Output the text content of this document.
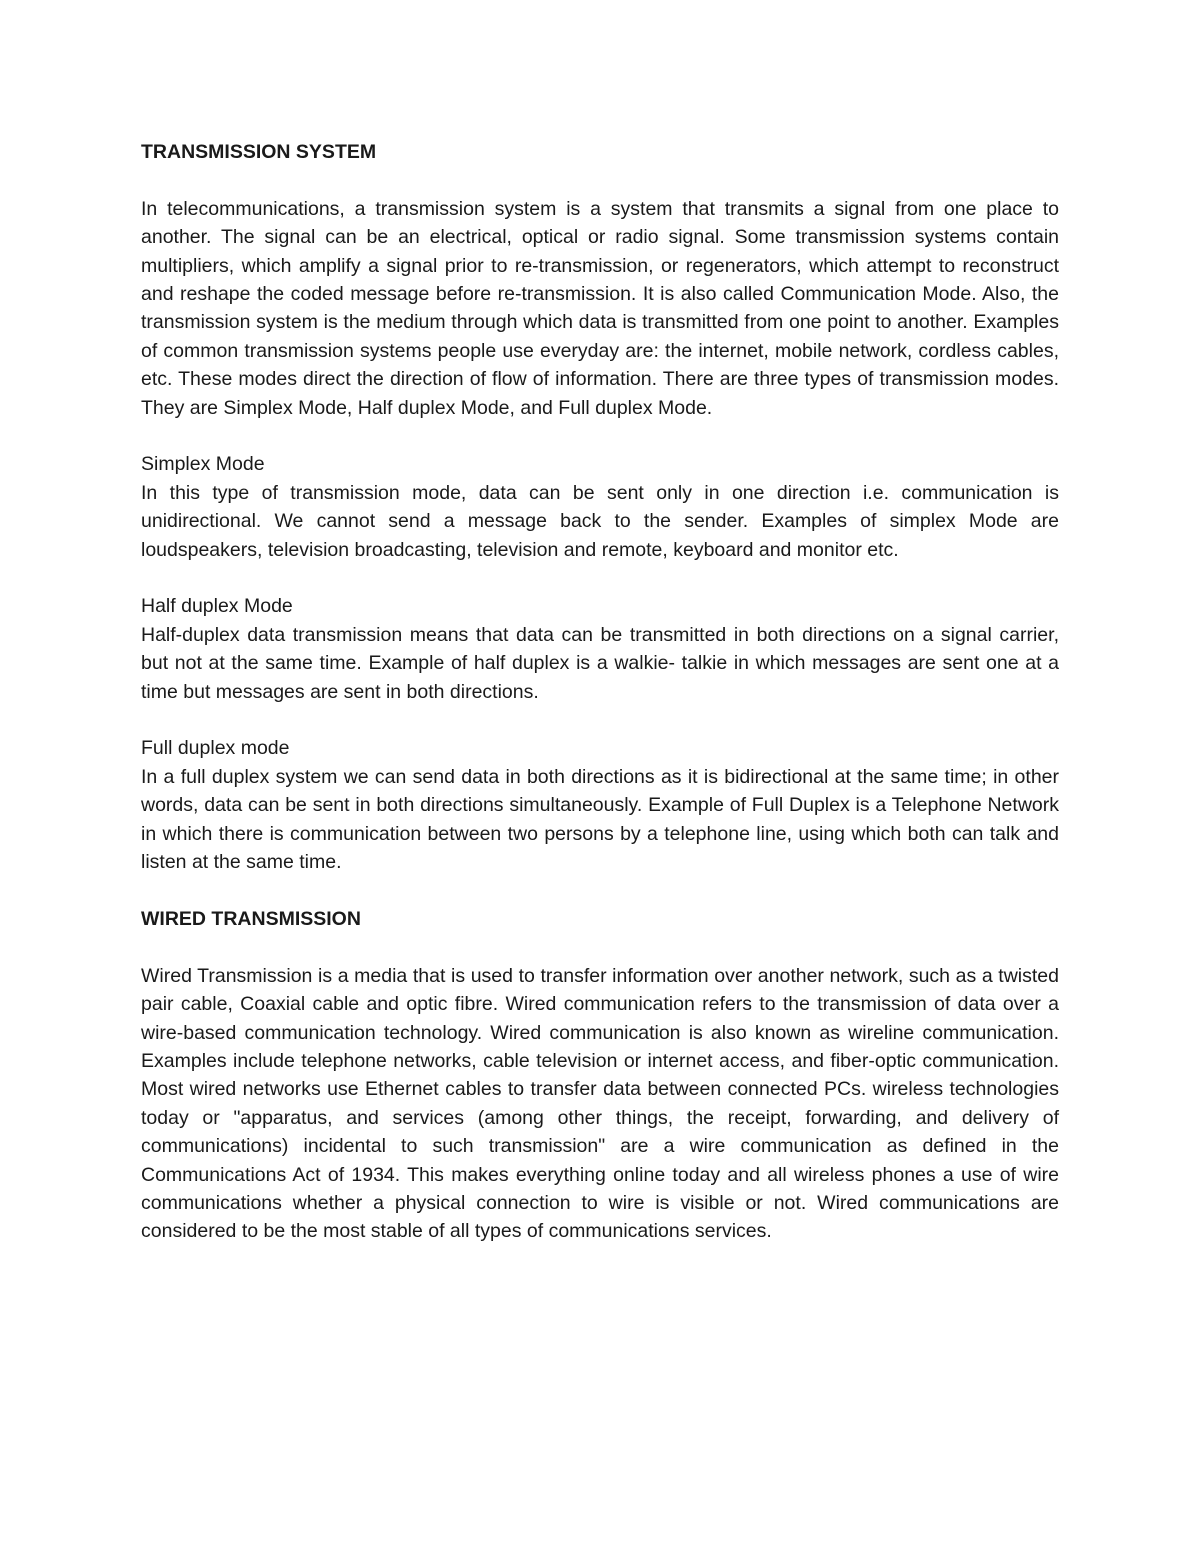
TRANSMISSION SYSTEM

In telecommunications, a transmission system is a system that transmits a signal from one place to another. The signal can be an electrical, optical or radio signal. Some transmission systems contain multipliers, which amplify a signal prior to re-transmission, or regenerators, which attempt to reconstruct and reshape the coded message before re-transmission. It is also called Communication Mode. Also, the transmission system is the medium through which data is transmitted from one point to another. Examples of common transmission systems people use everyday are: the internet, mobile network, cordless cables, etc. These modes direct the direction of flow of information. There are three types of transmission modes. They are Simplex Mode, Half duplex Mode, and Full duplex Mode.

Simplex Mode

In this type of transmission mode, data can be sent only in one direction i.e. communication is unidirectional. We cannot send a message back to the sender. Examples of simplex Mode are loudspeakers, television broadcasting, television and remote, keyboard and monitor etc.

Half duplex Mode

Half-duplex data transmission means that data can be transmitted in both directions on a signal carrier, but not at the same time. Example of half duplex is a walkie- talkie in which messages are sent one at a time but messages are sent in both directions.

Full duplex mode

In a full duplex system we can send data in both directions as it is bidirectional at the same time; in other words, data can be sent in both directions simultaneously. Example of Full Duplex is a Telephone Network in which there is communication between two persons by a telephone line, using which both can talk and listen at the same time.

WIRED TRANSMISSION

Wired Transmission is a media that is used to transfer information over another network, such as a twisted pair cable, Coaxial cable and optic fibre. Wired communication refers to the transmission of data over a wire-based communication technology. Wired communication is also known as wireline communication. Examples include telephone networks, cable television or internet access, and fiber-optic communication. Most wired networks use Ethernet cables to transfer data between connected PCs. wireless technologies today or "apparatus, and services (among other things, the receipt, forwarding, and delivery of communications) incidental to such transmission" are a wire communication as defined in the Communications Act of 1934. This makes everything online today and all wireless phones a use of wire communications whether a physical connection to wire is visible or not. Wired communications are considered to be the most stable of all types of communications services.
